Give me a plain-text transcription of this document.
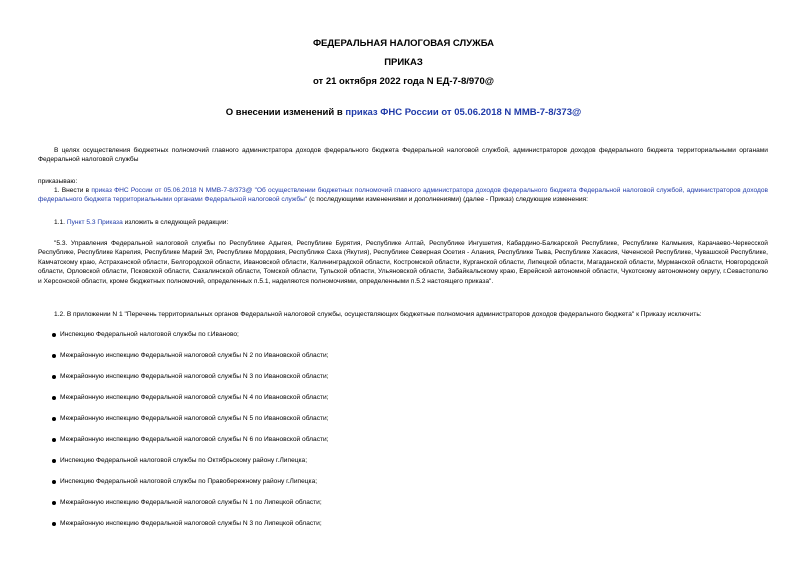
ФЕДЕРАЛЬНАЯ НАЛОГОВАЯ СЛУЖБА
ПРИКАЗ
от 21 октября 2022 года N ЕД-7-8/970@
О внесении изменений в приказ ФНС России от 05.06.2018 N ММВ-7-8/373@
В целях осуществления бюджетных полномочий главного администратора доходов федерального бюджета Федеральной налоговой службой, администраторов доходов федерального бюджета территориальными органами Федеральной налоговой службы
приказываю:
1. Внести в приказ ФНС России от 05.06.2018 N ММВ-7-8/373@ "Об осуществлении бюджетных полномочий главного администратора доходов федерального бюджета Федеральной налоговой службой, администраторов доходов федерального бюджета территориальными органами Федеральной налоговой службы" (с последующими изменениями и дополнениями) (далее - Приказ) следующие изменения:
1.1. Пункт 5.3 Приказа изложить в следующей редакции:
"5.3. Управления Федеральной налоговой службы по Республике Адыгея, Республике Бурятия, Республике Алтай, Республике Ингушетия, Кабардино-Балкарской Республике, Республике Калмыкия, Карачаево-Черкесской Республике, Республике Карелия, Республике Марий Эл, Республике Мордовия, Республике Саха (Якутия), Республике Северная Осетия - Алания, Республике Тыва, Республике Хакасия, Чеченской Республике, Чувашской Республике, Камчатскому краю, Астраханской области, Белгородской области, Ивановской области, Калининградской области, Костромской области, Курганской области, Липецкой области, Магаданской области, Мурманской области, Новгородской области, Орловской области, Псковской области, Сахалинской области, Томской области, Тульской области, Ульяновской области, Забайкальскому краю, Еврейской автономной области, Чукотскому автономному округу, г.Севастополю и Херсонской области, кроме бюджетных полномочий, определенных п.5.1, наделяются полномочиями, определенными п.5.2 настоящего приказа".
1.2. В приложении N 1 "Перечень территориальных органов Федеральной налоговой службы, осуществляющих бюджетные полномочия администраторов доходов федерального бюджета" к Приказу исключить:
Инспекцию Федеральной налоговой службы по г.Иваново;
Межрайонную инспекцию Федеральной налоговой службы N 2 по Ивановской области;
Межрайонную инспекцию Федеральной налоговой службы N 3 по Ивановской области;
Межрайонную инспекцию Федеральной налоговой службы N 4 по Ивановской области;
Межрайонную инспекцию Федеральной налоговой службы N 5 по Ивановской области;
Межрайонную инспекцию Федеральной налоговой службы N 6 по Ивановской области;
Инспекцию Федеральной налоговой службы по Октябрьскому району г.Липецка;
Инспекцию Федеральной налоговой службы по Правобережному району г.Липецка;
Межрайонную инспекцию Федеральной налоговой службы N 1 по Липецкой области;
Межрайонную инспекцию Федеральной налоговой службы N 3 по Липецкой области;
